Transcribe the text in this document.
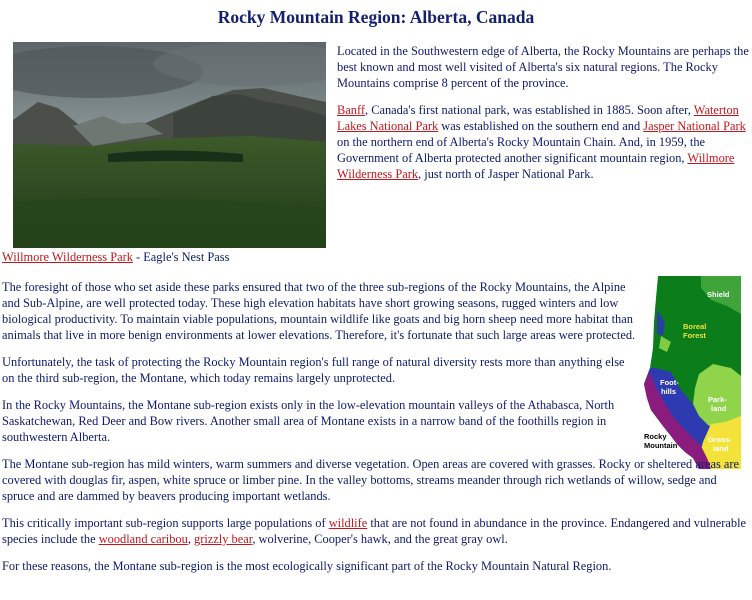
Rocky Mountain Region: Alberta, Canada
Willmore Wilderness Park - Eagle's Nest Pass

Located in the Southwestern edge of Alberta, the Rocky Mountains are perhaps the best known and most well visited of Alberta's six natural regions. The Rocky Mountains comprise 8 percent of the province.

Banff, Canada's first national park, was established in 1885. Soon after, Waterton Lakes National Park was established on the southern end and Jasper National Park on the northern end of Alberta's Rocky Mountain Chain. And, in 1959, the Government of Alberta protected another significant mountain region, Willmore Wilderness Park, just north of Jasper National Park.

Shield
Boreal
Forest
Foot-
hills
Park-
land
Rocky
Mountain
Grass-
land

The foresight of those who set aside these parks ensured that two of the three sub-regions of the Rocky Mountains, the Alpine and Sub-Alpine, are well protected today. These high elevation habitats have short growing seasons, rugged winters and low biological productivity. To maintain viable populations, mountain wildlife like goats and big horn sheep need more habitat than animals that live in more benign environments at lower elevations. Therefore, it's fortunate that such large areas were protected.

Unfortunately, the task of protecting the Rocky Mountain region's full range of natural diversity rests more than anything else on the third sub-region, the Montane, which today remains largely unprotected.

In the Rocky Mountains, the Montane sub-region exists only in the low-elevation mountain valleys of the Athabasca, North Saskatchewan, Red Deer and Bow rivers. Another small area of Montane exists in a narrow band of the foothills region in southwestern Alberta.

The Montane sub-region has mild winters, warm summers and diverse vegetation. Open areas are covered with grasses. Rocky or sheltered areas are covered with douglas fir, aspen, white spruce or limber pine. In the valley bottoms, streams meander through rich wetlands of willow, sedge and spruce and are dammed by beavers producing important wetlands.

This critically important sub-region supports large populations of wildlife that are not found in abundance in the province. Endangered and vulnerable species include the woodland caribou, grizzly bear, wolverine, Cooper's hawk, and the great gray owl.

For these reasons, the Montane sub-region is the most ecologically significant part of the Rocky Mountain Natural Region.
